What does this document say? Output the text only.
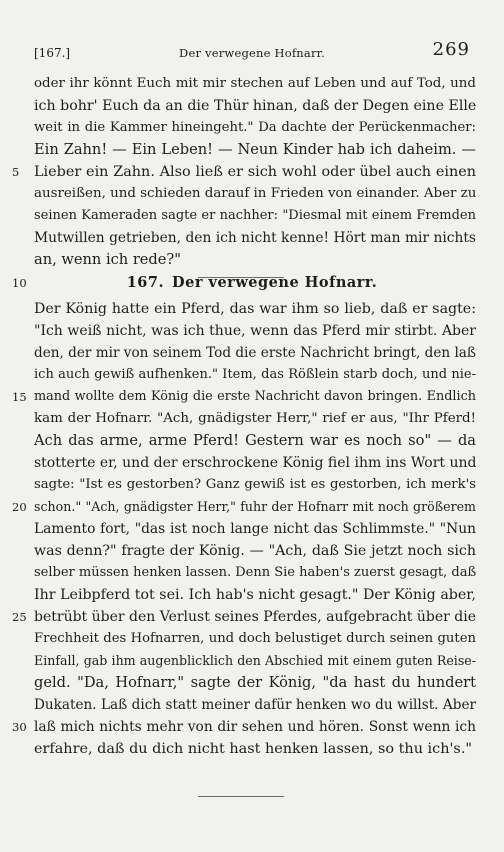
[167.]	Der verwegene Hofnarr.	269
oder ihr könnt Euch mit mir stechen auf Leben und auf Tod, und
ich bohr' Euch da an die Thür hinan, daß der Degen eine Elle
weit in die Kammer hineingeht." Da dachte der Perückenmacher:
Ein Zahn! — Ein Leben! — Neun Kinder hab ich daheim. —
5	Lieber ein Zahn. Also ließ er sich wohl oder übel auch einen
ausreißen, und schieden darauf in Frieden von einander. Aber zu
seinen Kameraden sagte er nachher: "Diesmal mit einem Fremden
Mutwillen getrieben, den ich nicht kenne! Hört man mir nichts
an, wenn ich rede?"
10	167. Der verwegene Hofnarr.
Der König hatte ein Pferd, das war ihm so lieb, daß er sagte:
"Ich weiß nicht, was ich thue, wenn das Pferd mir stirbt. Aber
den, der mir von seinem Tod die erste Nachricht bringt, den laß
ich auch gewiß aufhenken." Item, das Rößlein starb doch, und nie-
15 mand wollte dem König die erste Nachricht davon bringen. Endlich
kam der Hofnarr. "Ach, gnädigster Herr," rief er aus, "Ihr Pferd!
Ach das arme, arme Pferd! Gestern war es noch so" — da
stotterte er, und der erschrockene König fiel ihm ins Wort und
sagte: "Ist es gestorben? Ganz gewiß ist es gestorben, ich merk's
20 schon." "Ach, gnädigster Herr," fuhr der Hofnarr mit noch größerem
Lamento fort, "das ist noch lange nicht das Schlimmste." "Nun
was denn?" fragte der König. — "Ach, daß Sie jetzt noch sich
selber müssen henken lassen. Denn Sie haben's zuerst gesagt, daß
Ihr Leibpferd tot sei. Ich hab's nicht gesagt." Der König aber,
25 betrübt über den Verlust seines Pferdes, aufgebracht über die
Frechheit des Hofnarren, und doch belustiget durch seinen guten
Einfall, gab ihm augenblicklich den Abschied mit einem guten Reise-
geld. "Da, Hofnarr," sagte der König, "da hast du hundert
Dukaten. Laß dich statt meiner dafür henken wo du willst. Aber
30 laß mich nichts mehr von dir sehen und hören. Sonst wenn ich
erfahre, daß du dich nicht hast henken lassen, so thu ich's."
